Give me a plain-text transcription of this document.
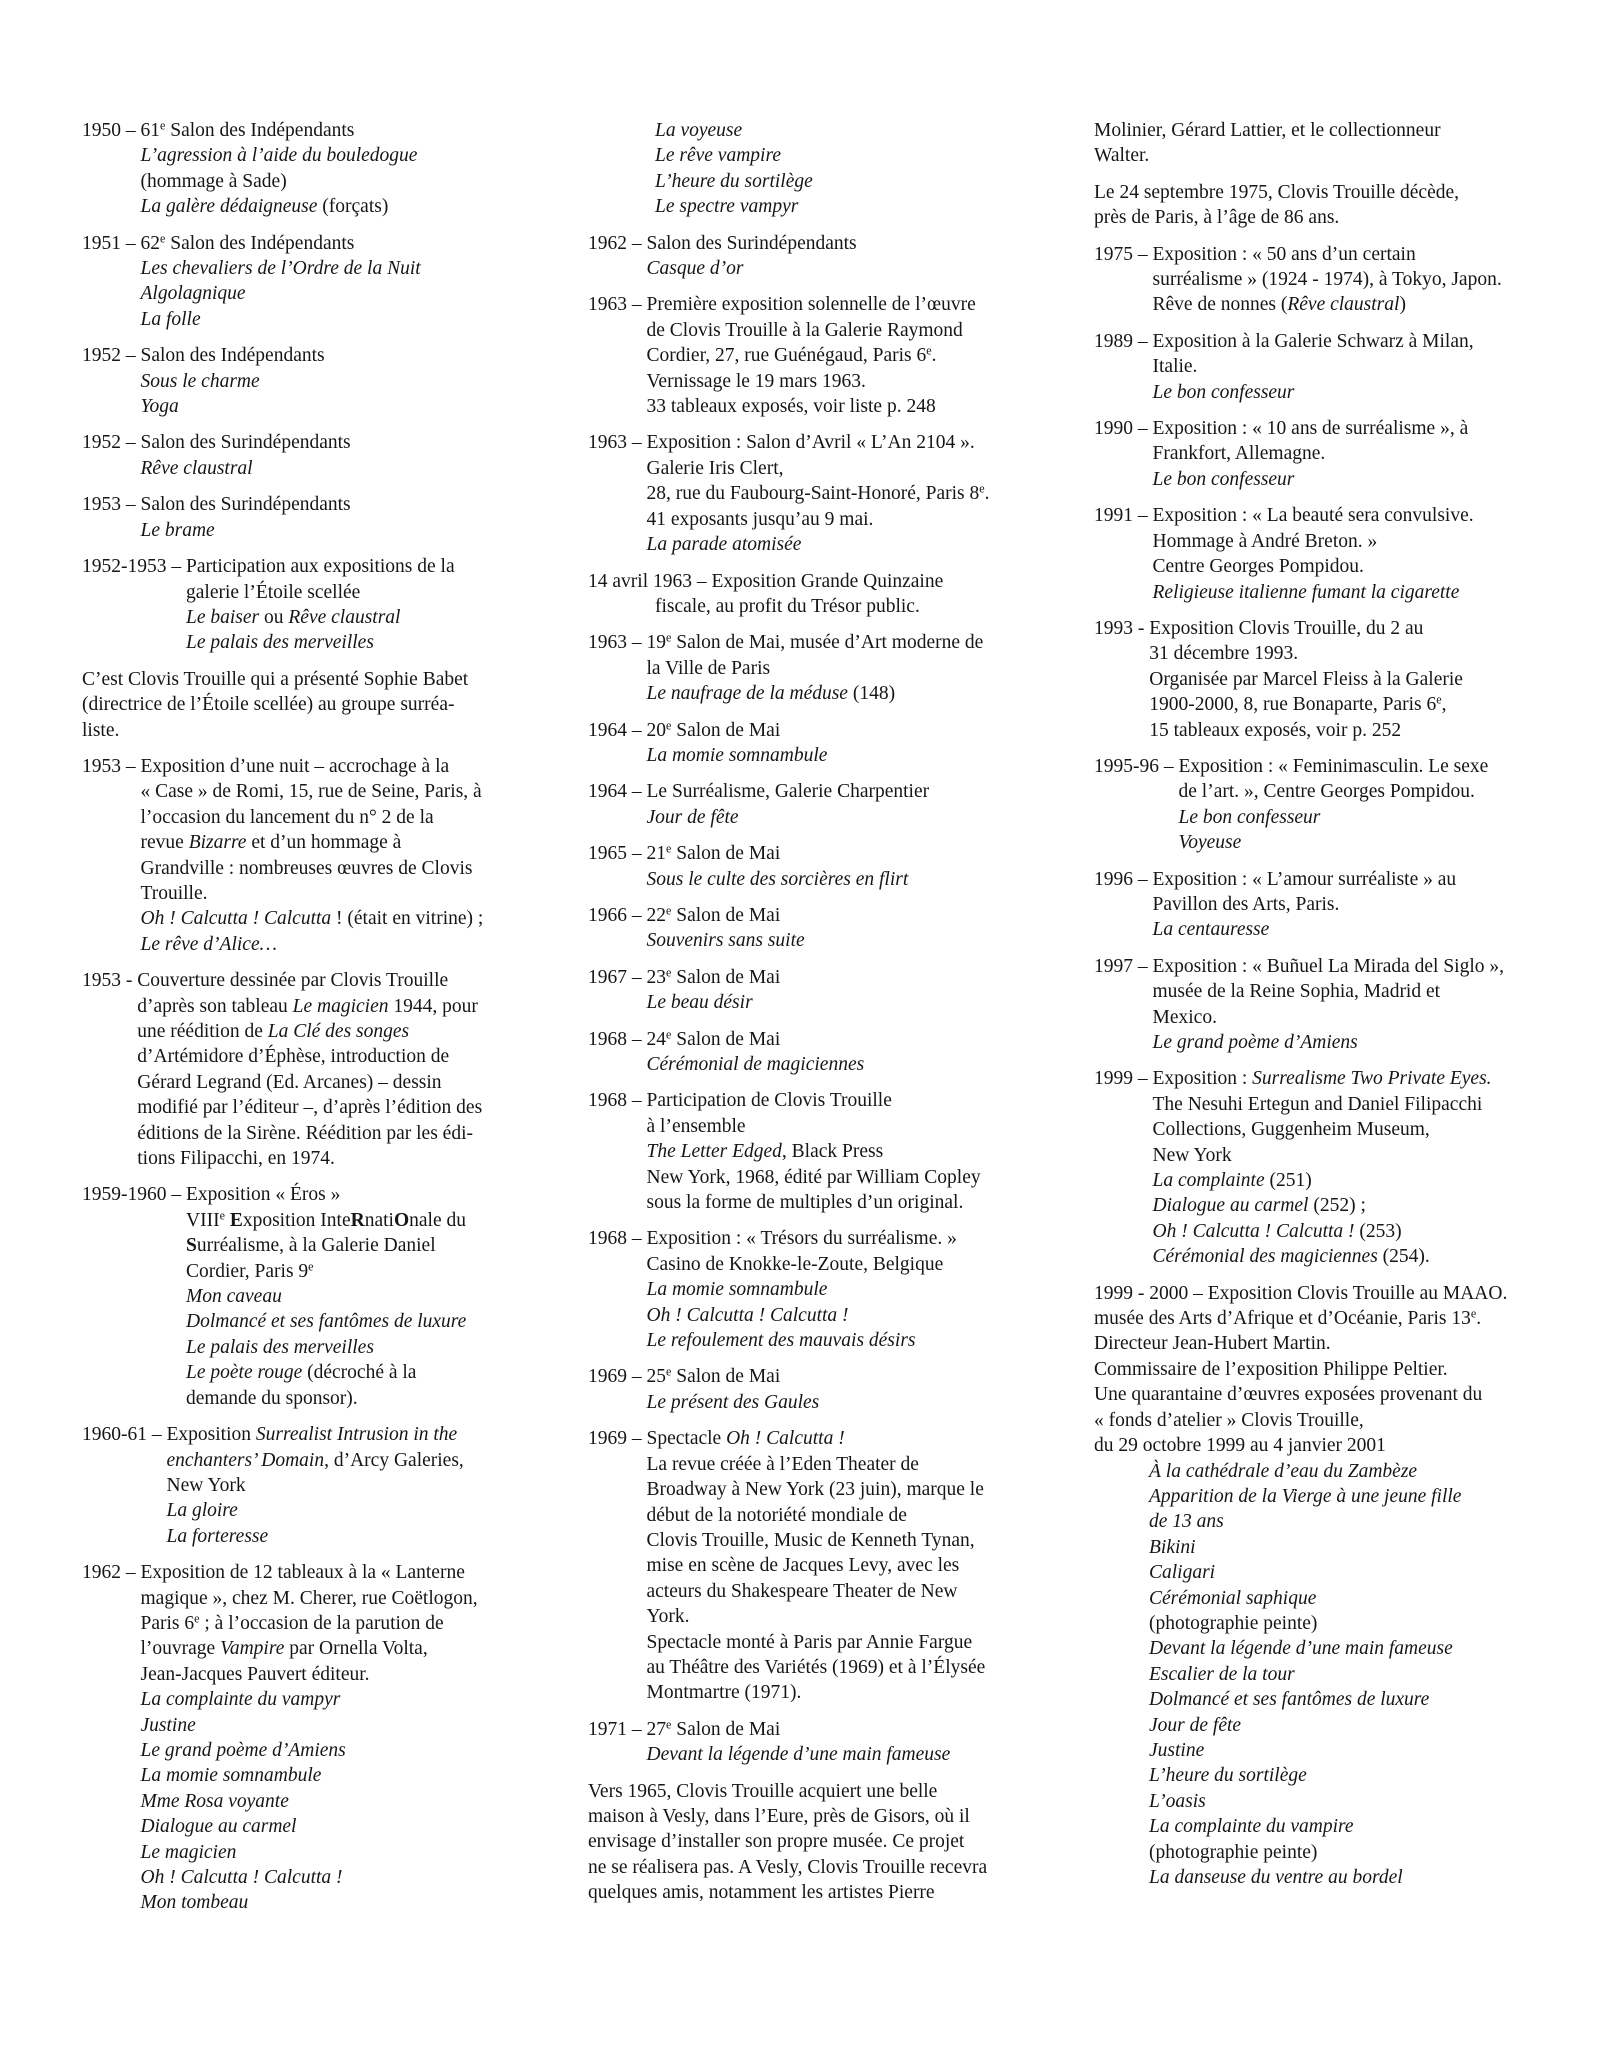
1950 – 61e Salon des Indépendants
L’agression à l’aide du bouledogue
(hommage à Sade)
La galère dédaigneuse (forçats)
1951 – 62e Salon des Indépendants
Les chevaliers de l’Ordre de la Nuit
Algolagnique
La folle
1952 – Salon des Indépendants
Sous le charme
Yoga
1952 – Salon des Surindépendants
Rêve claustral
1953 – Salon des Surindépendants
Le brame
1952-1953 – Participation aux expositions de la
galerie l’Étoile scellée
Le baiser ou Rêve claustral
Le palais des merveilles
C’est Clovis Trouille qui a présenté Sophie Babet
(directrice de l’Étoile scellée) au groupe surréa-
liste.
1953 – Exposition d’une nuit – accrochage à la
« Case » de Romi, 15, rue de Seine, Paris, à
l’occasion du lancement du n° 2 de la
revue Bizarre et d’un hommage à
Grandville : nombreuses œuvres de Clovis
Trouille.
Oh ! Calcutta ! Calcutta ! (était en vitrine) ;
Le rêve d’Alice…
1953 - Couverture dessinée par Clovis Trouille
d’après son tableau Le magicien 1944, pour
une réédition de La Clé des songes
d’Artémidore d’Éphèse, introduction de
Gérard Legrand (Ed. Arcanes) – dessin
modifié par l’éditeur –, d’après l’édition des
éditions de la Sirène. Réédition par les édi-
tions Filipacchi, en 1974.
1959-1960 – Exposition « Éros »
VIIIe Exposition InteRnatiOnale du
Surréalisme, à la Galerie Daniel
Cordier, Paris 9e
Mon caveau
Dolmancé et ses fantômes de luxure
Le palais des merveilles
Le poète rouge (décroché à la
demande du sponsor).
1960-61 – Exposition Surrealist Intrusion in the
enchanters’ Domain, d’Arcy Galeries,
New York
La gloire
La forteresse
1962 – Exposition de 12 tableaux à la « Lanterne
magique », chez M. Cherer, rue Coëtlogon,
Paris 6e ; à l’occasion de la parution de
l’ouvrage Vampire par Ornella Volta,
Jean-Jacques Pauvert éditeur.
La complainte du vampyr
Justine
Le grand poème d’Amiens
La momie somnambule
Mme Rosa voyante
Dialogue au carmel
Le magicien
Oh ! Calcutta ! Calcutta !
Mon tombeau
La voyeuse
Le rêve vampire
L’heure du sortilège
Le spectre vampyr
1962 – Salon des Surindépendants
Casque d’or
1963 – Première exposition solennelle de l’œuvre
de Clovis Trouille à la Galerie Raymond
Cordier, 27, rue Guénégaud, Paris 6e.
Vernissage le 19 mars 1963.
33 tableaux exposés, voir liste p. 248
1963 – Exposition : Salon d’Avril « L’An 2104 ».
Galerie Iris Clert,
28, rue du Faubourg-Saint-Honoré, Paris 8e.
41 exposants jusqu’au 9 mai.
La parade atomisée
14 avril 1963 – Exposition Grande Quinzaine
fiscale, au profit du Trésor public.
1963 – 19e Salon de Mai, musée d’Art moderne de
la Ville de Paris
Le naufrage de la méduse (148)
1964 – 20e Salon de Mai
La momie somnambule
1964 – Le Surréalisme, Galerie Charpentier
Jour de fête
1965 – 21e Salon de Mai
Sous le culte des sorcières en flirt
1966 – 22e Salon de Mai
Souvenirs sans suite
1967 – 23e Salon de Mai
Le beau désir
1968 – 24e Salon de Mai
Cérémonial de magiciennes
1968 – Participation de Clovis Trouille
à l’ensemble
The Letter Edged, Black Press
New York, 1968, édité par William Copley
sous la forme de multiples d’un original.
1968 – Exposition : « Trésors du surréalisme. »
Casino de Knokke-le-Zoute, Belgique
La momie somnambule
Oh ! Calcutta ! Calcutta !
Le refoulement des mauvais désirs
1969 – 25e Salon de Mai
Le présent des Gaules
1969 – Spectacle Oh ! Calcutta !
La revue créée à l’Eden Theater de
Broadway à New York (23 juin), marque le
début de la notoriété mondiale de
Clovis Trouille, Music de Kenneth Tynan,
mise en scène de Jacques Levy, avec les
acteurs du Shakespeare Theater de New
York.
Spectacle monté à Paris par Annie Fargue
au Théâtre des Variétés (1969) et à l’Élysée
Montmartre (1971).
1971 – 27e Salon de Mai
Devant la légende d’une main fameuse
Vers 1965, Clovis Trouille acquiert une belle
maison à Vesly, dans l’Eure, près de Gisors, où il
envisage d’installer son propre musée. Ce projet
ne se réalisera pas. A Vesly, Clovis Trouille recevra
quelques amis, notamment les artistes Pierre
Molinier, Gérard Lattier, et le collectionneur
Walter.
Le 24 septembre 1975, Clovis Trouille décède,
près de Paris, à l’âge de 86 ans.
1975 – Exposition : « 50 ans d’un certain
surréalisme » (1924 - 1974), à Tokyo, Japon.
Rêve de nonnes (Rêve claustral)
1989 – Exposition à la Galerie Schwarz à Milan,
Italie.
Le bon confesseur
1990 – Exposition : « 10 ans de surréalisme », à
Frankfort, Allemagne.
Le bon confesseur
1991 – Exposition : « La beauté sera convulsive.
Hommage à André Breton. »
Centre Georges Pompidou.
Religieuse italienne fumant la cigarette
1993 - Exposition Clovis Trouille, du 2 au
31 décembre 1993.
Organisée par Marcel Fleiss à la Galerie
1900-2000, 8, rue Bonaparte, Paris 6e,
15 tableaux exposés, voir p. 252
1995-96 – Exposition : « Feminimasculin. Le sexe
de l’art. », Centre Georges Pompidou.
Le bon confesseur
Voyeuse
1996 – Exposition : « L’amour surréaliste » au
Pavillon des Arts, Paris.
La centauresse
1997 – Exposition : « Buñuel La Mirada del Siglo »,
musée de la Reine Sophia, Madrid et
Mexico.
Le grand poème d’Amiens
1999 – Exposition : Surrealisme Two Private Eyes.
The Nesuhi Ertegun and Daniel Filipacchi
Collections, Guggenheim Museum,
New York
La complainte (251)
Dialogue au carmel (252) ;
Oh ! Calcutta ! Calcutta ! (253)
Cérémonial des magiciennes (254).
1999 - 2000 – Exposition Clovis Trouille au MAAO.
musée des Arts d’Afrique et d’Océanie, Paris 13e.
Directeur Jean-Hubert Martin.
Commissaire de l’exposition Philippe Peltier.
Une quarantaine d’œuvres exposées provenant du
« fonds d’atelier » Clovis Trouille,
du 29 octobre 1999 au 4 janvier 2001
À la cathédrale d’eau du Zambèze
Apparition de la Vierge à une jeune fille
de 13 ans
Bikini
Caligari
Cérémonial saphique
(photographie peinte)
Devant la légende d’une main fameuse
Escalier de la tour
Dolmancé et ses fantômes de luxure
Jour de fête
Justine
L’heure du sortilège
L’oasis
La complainte du vampire
(photographie peinte)
La danseuse du ventre au bordel
